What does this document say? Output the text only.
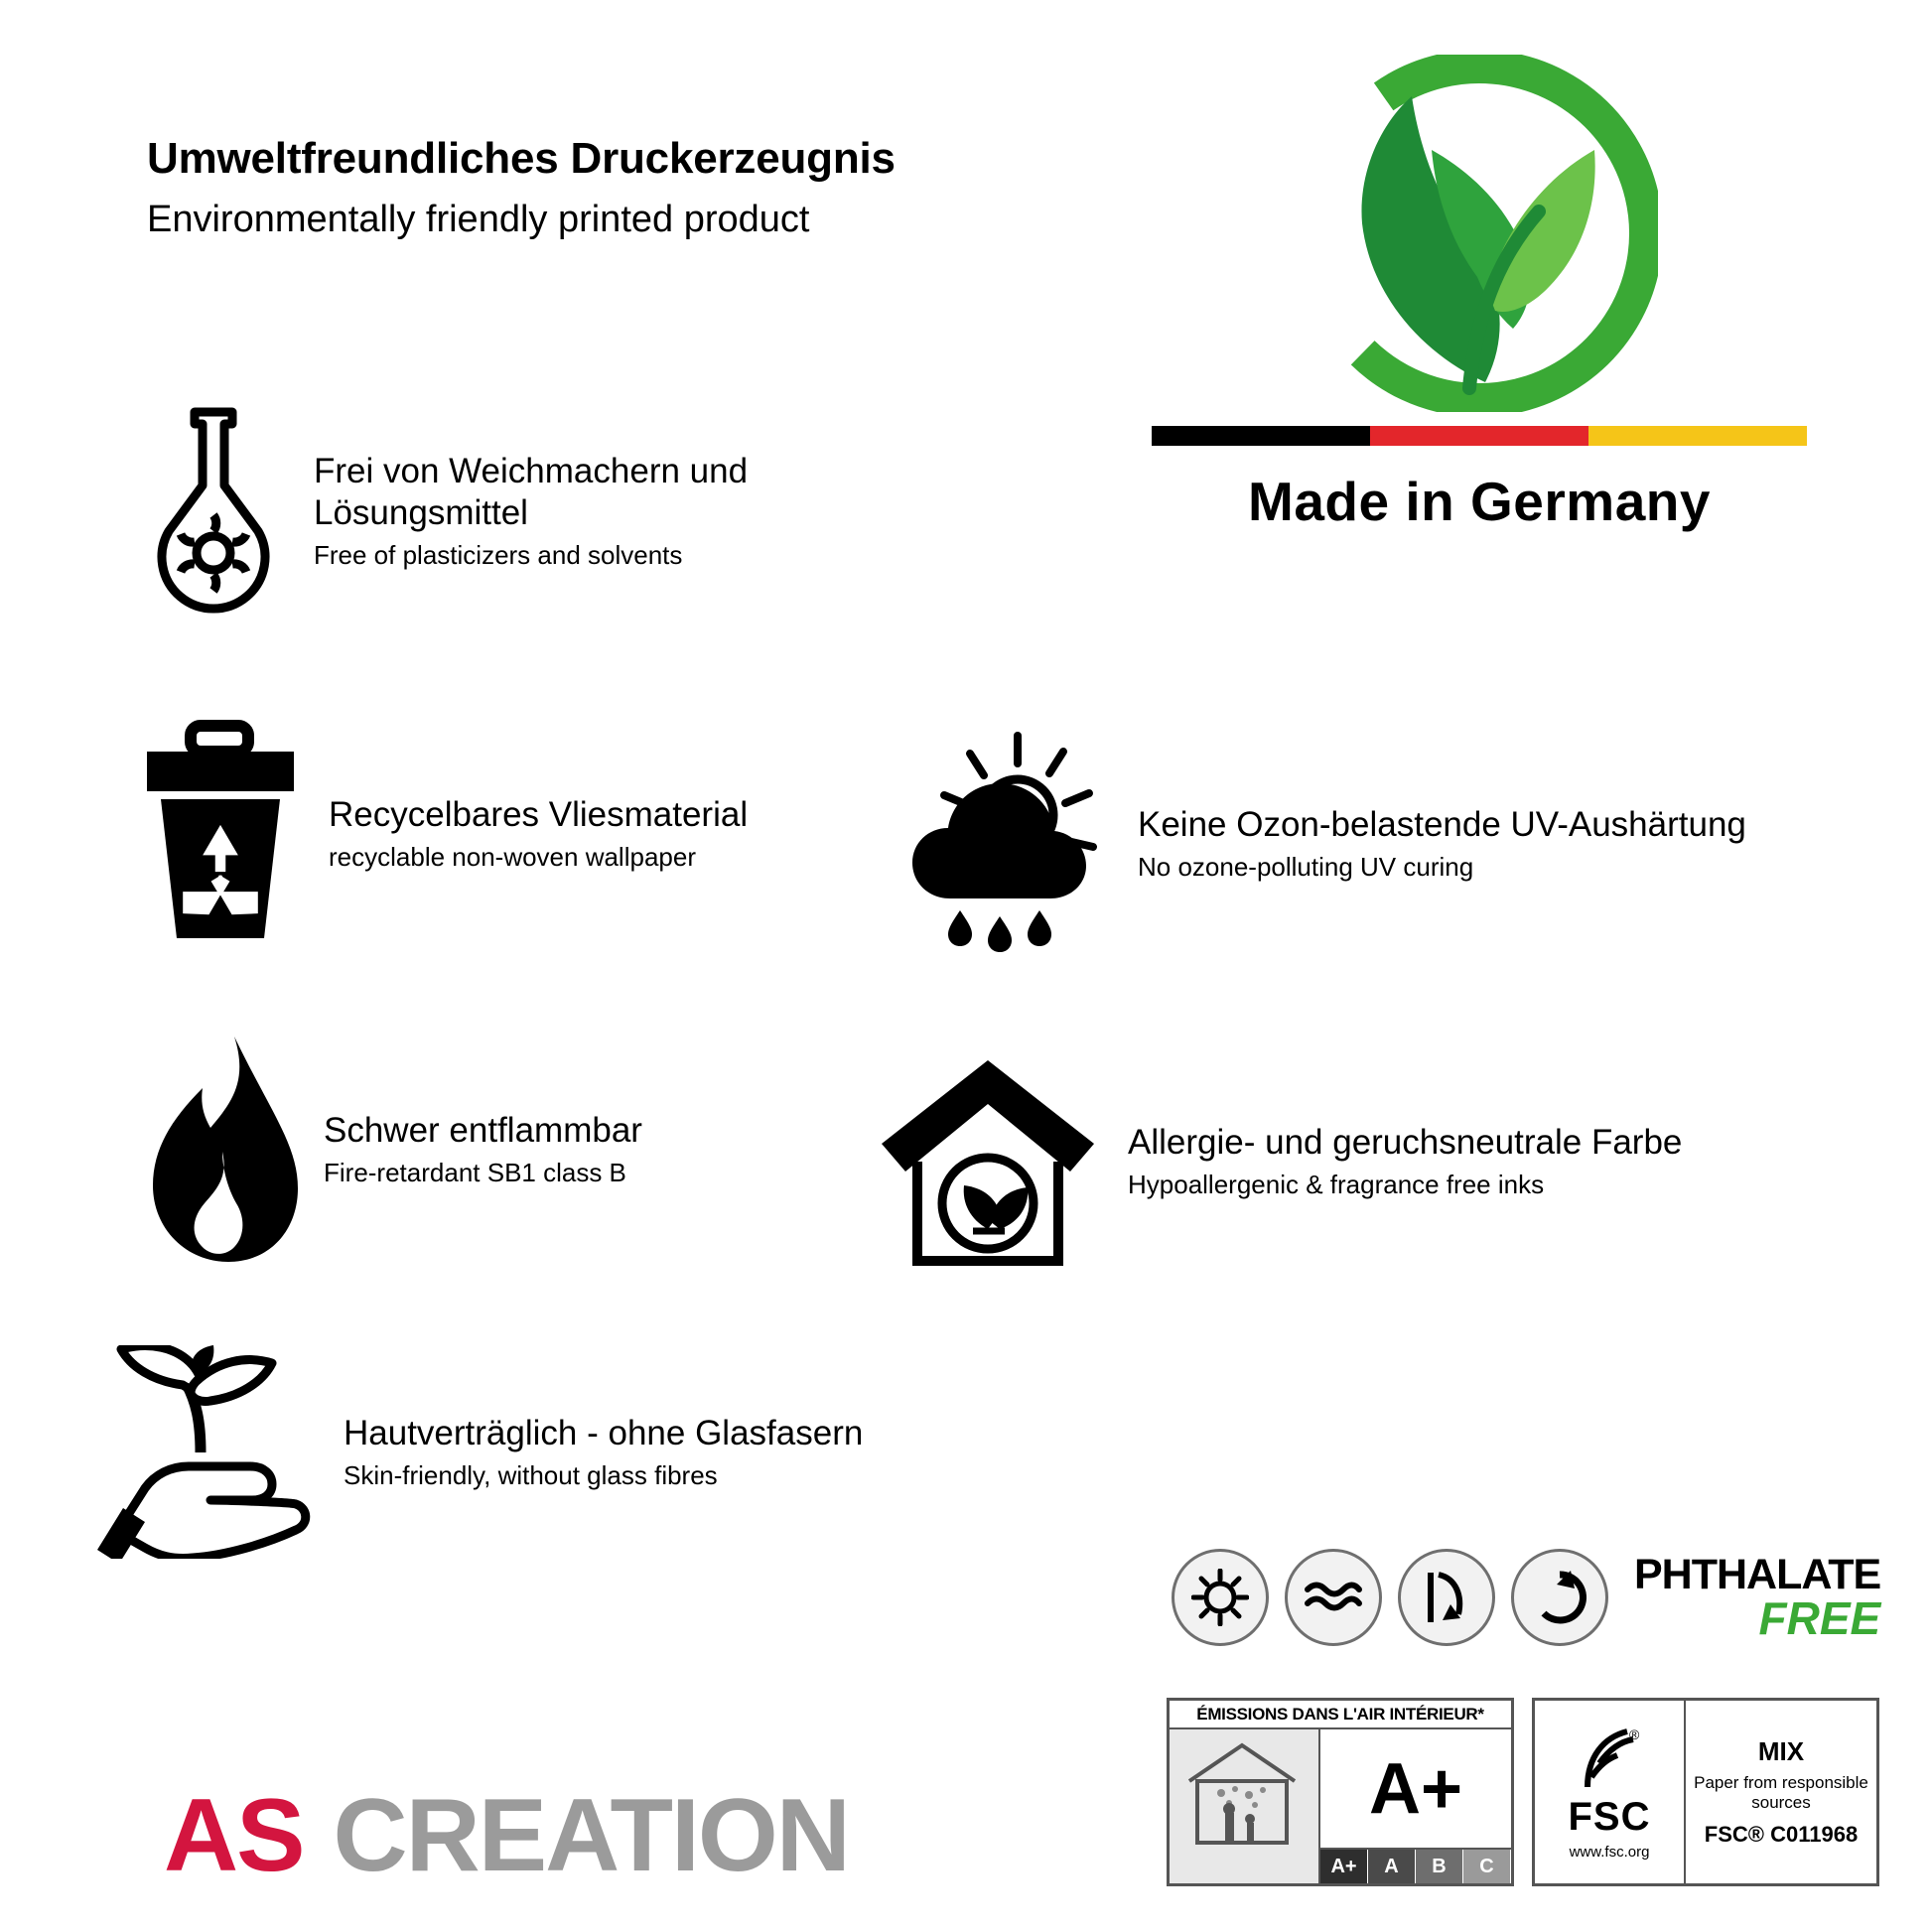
Umweltfreundliches Druckerzeugnis
Environmentally friendly printed product
Made in Germany
Frei von Weichmachern und Lösungsmittel
Free of plasticizers and solvents
Recycelbares Vliesmaterial
recyclable non-woven wallpaper
Schwer entflammbar
Fire-retardant SB1 class B
Hautverträglich - ohne Glasfasern
Skin-friendly, without glass fibres
Keine Ozon-belastende UV-Aushärtung
No ozone-polluting UV curing
Allergie- und geruchsneutrale Farbe
Hypoallergenic & fragrance free inks
PHTHALATE
FREE
ÉMISSIONS DANS L'AIR INTÉRIEUR*
A+
A+	A	B	C
®
FSC
www.fsc.org
MIX
Paper from responsible sources
FSC® C011968
AS CREATION
